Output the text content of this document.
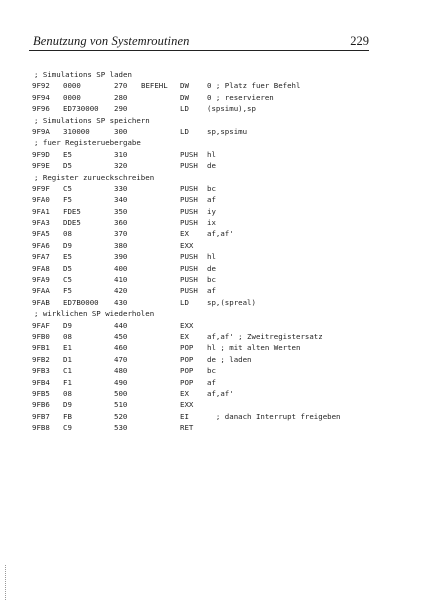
Benutzung von Systemroutinen	229
; Simulations SP laden
9F92 0000	270 BEFEHL DW 0 ; Platz fuer Befehl
9F94 0000	280	DW 0 ; reservieren
9F96 ED730000 290	LD (spsimu),sp
; Simulations SP speichern
9F9A 310000	300	LD sp,spsimu
; fuer Registeruebergabe
9F9D E5	310	PUSH hl
9F9E D5	320	PUSH de
; Register zurueckschreiben
9F9F C5	330	PUSH bc
9FA0 F5	340	PUSH af
9FA1 FDE5	350	PUSH iy
9FA3 DDE5	360	PUSH ix
9FA5 08	370	EX af,af'
9FA6 D9	380	EXX
9FA7 E5	390	PUSH hl
9FA8 D5	400	PUSH de
9FA9 C5	410	PUSH bc
9FAA F5	420	PUSH af
9FAB ED7B0000 430	LD sp,(spreal)
; wirklichen SP wiederholen
9FAF D9	440	EXX
9FB0 08	450	EX af,af' ; Zweitregistersatz
9FB1 E1	460	POP hl ; mit alten Werten
9FB2 D1	470	POP de ; laden
9FB3 C1	480	POP bc
9FB4 F1	490	POP af
9FB5 08	500	EX af,af'
9FB6 D9	510	EXX
9FB7 FB	520	EI ; danach Interrupt freigeben
9FB8 C9	530	RET
